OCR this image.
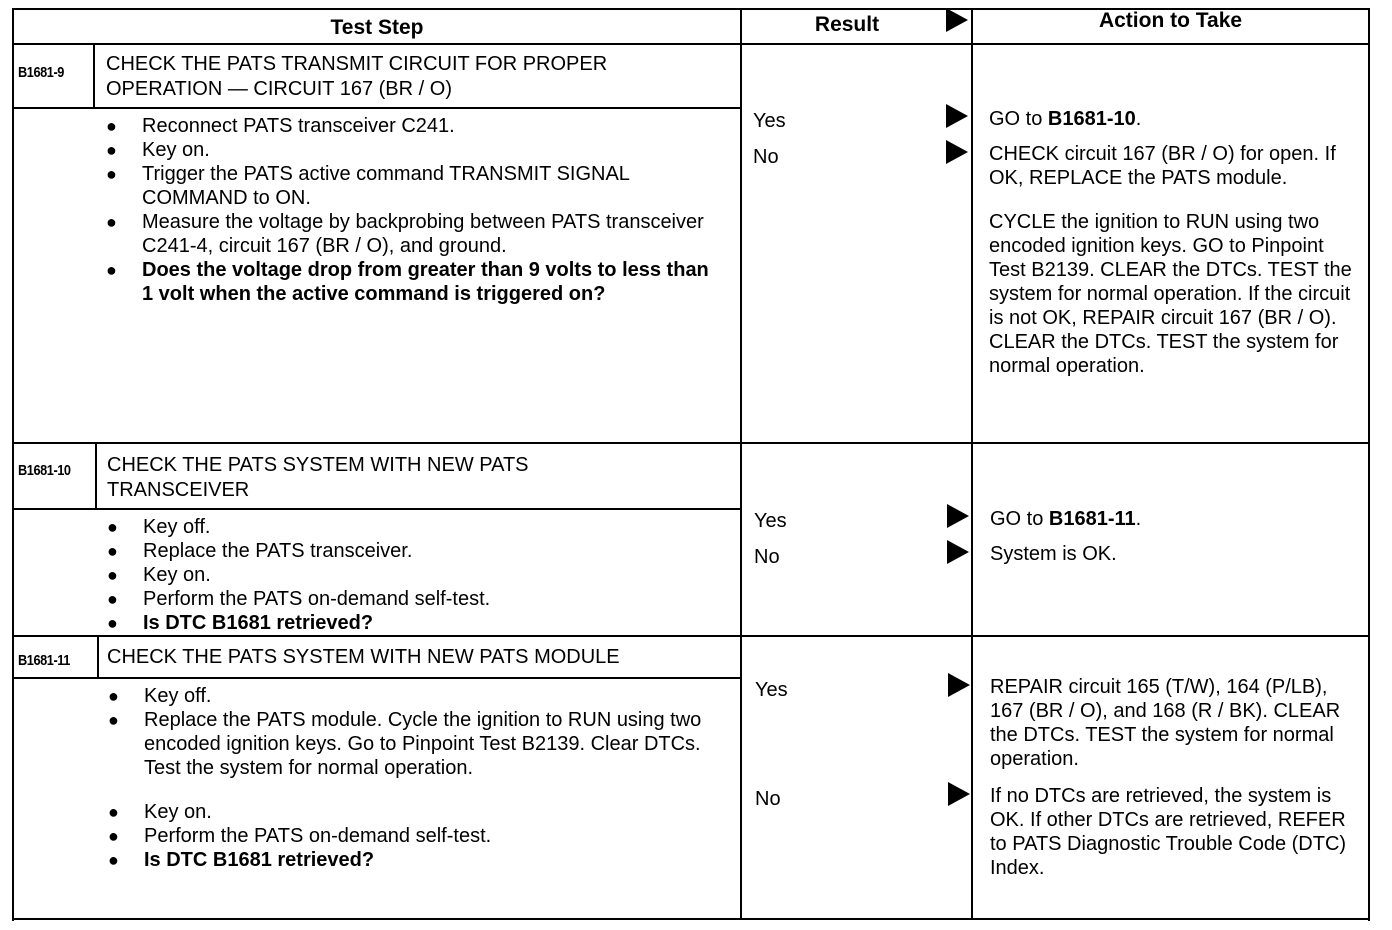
Test Step	Result	Action to Take
B1681-9 CHECK THE PATS TRANSMIT CIRCUIT FOR PROPER OPERATION — CIRCUIT 167 (BR / O)
● Reconnect PATS transceiver C241.
● Key on.
● Trigger the PATS active command TRANSMIT SIGNAL COMMAND to ON.
● Measure the voltage by backprobing between PATS transceiver C241-4, circuit 167 (BR / O), and ground.
● Does the voltage drop from greater than 9 volts to less than 1 volt when the active command is triggered on?
Yes
No
GO to B1681-10.
CHECK circuit 167 (BR / O) for open. If OK, REPLACE the PATS module.
CYCLE the ignition to RUN using two encoded ignition keys. GO to Pinpoint Test B2139. CLEAR the DTCs. TEST the system for normal operation. If the circuit is not OK, REPAIR circuit 167 (BR / O). CLEAR the DTCs. TEST the system for normal operation.
B1681-10 CHECK THE PATS SYSTEM WITH NEW PATS TRANSCEIVER
● Key off.
● Replace the PATS transceiver.
● Key on.
● Perform the PATS on-demand self-test.
● Is DTC B1681 retrieved?
Yes
No
GO to B1681-11.
System is OK.
B1681-11 CHECK THE PATS SYSTEM WITH NEW PATS MODULE
● Key off.
● Replace the PATS module. Cycle the ignition to RUN using two encoded ignition keys. Go to Pinpoint Test B2139. Clear DTCs. Test the system for normal operation.
● Key on.
● Perform the PATS on-demand self-test.
● Is DTC B1681 retrieved?
Yes
No
REPAIR circuit 165 (T/W), 164 (P/LB), 167 (BR / O), and 168 (R / BK). CLEAR the DTCs. TEST the system for normal operation.
If no DTCs are retrieved, the system is OK. If other DTCs are retrieved, REFER to PATS Diagnostic Trouble Code (DTC) Index.
